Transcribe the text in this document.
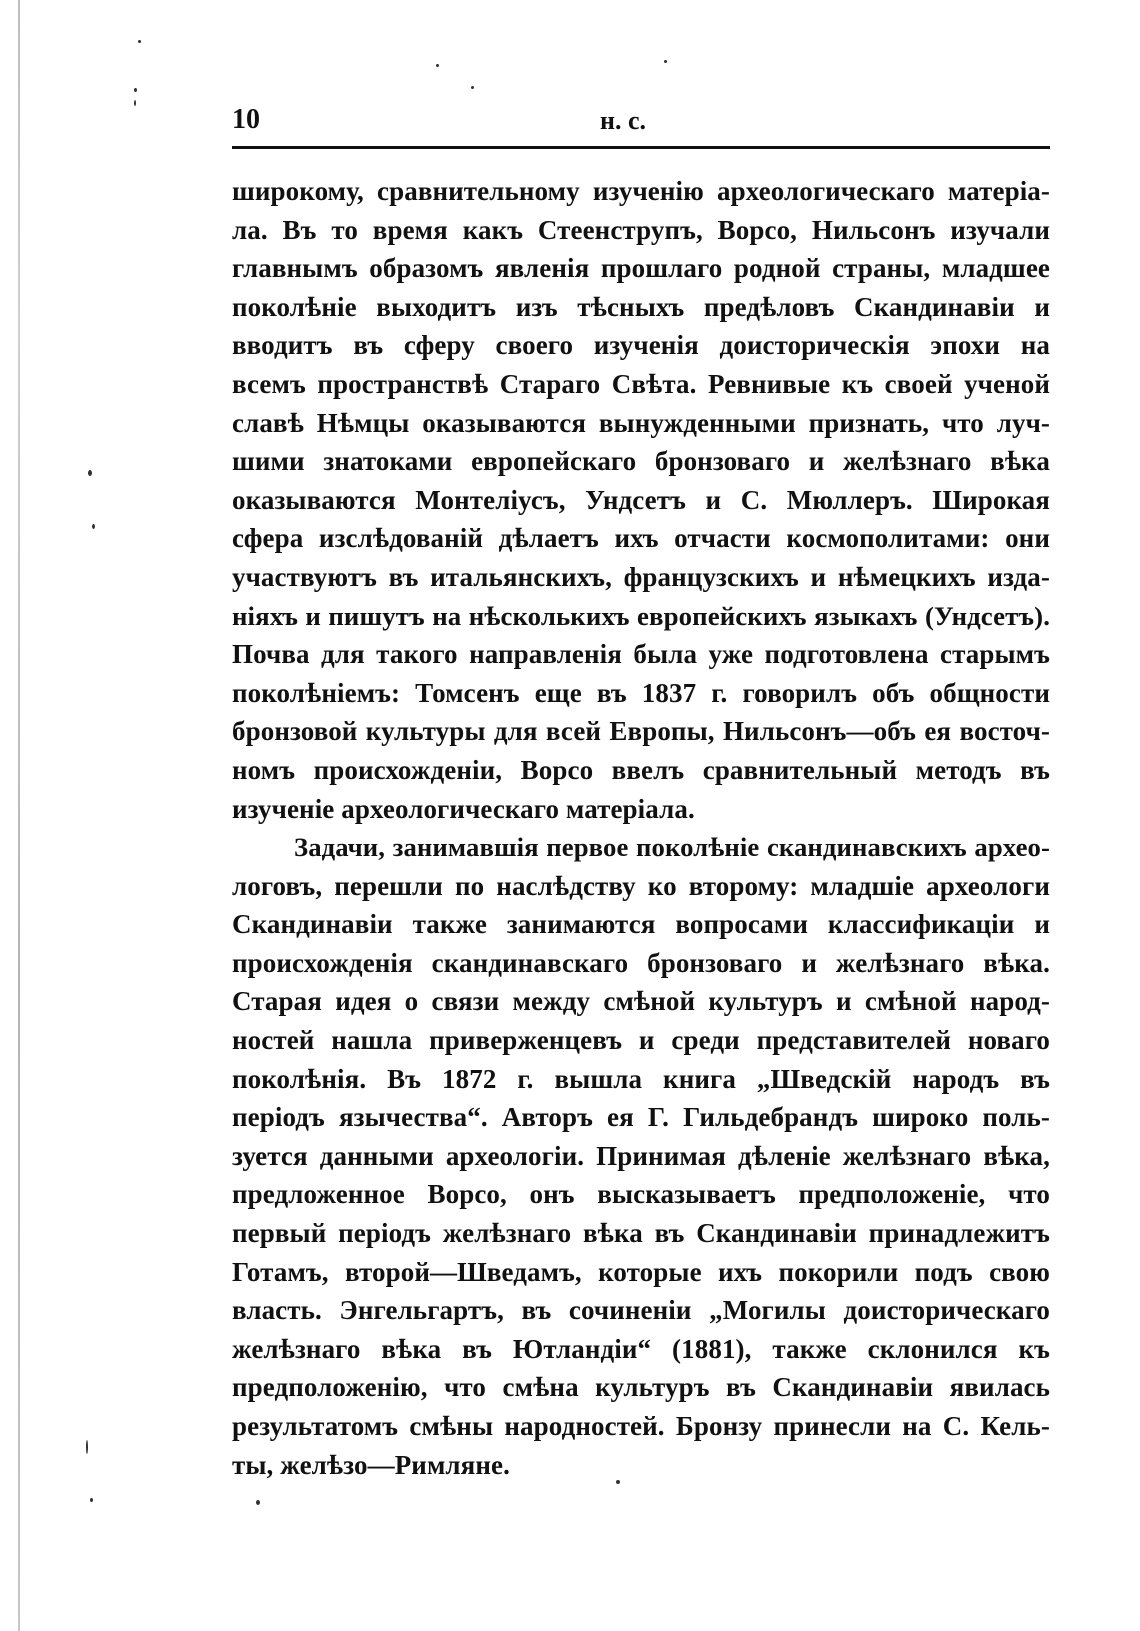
10	н. с.
широкому, сравнительному изученію археологическаго матеріа-
ла. Въ то время какъ Стеенструпъ, Ворсо, Нильсонъ изучали
главнымъ образомъ явленія прошлаго родной страны, младшее
поколѣніе выходитъ изъ тѣсныхъ предѣловъ Скандинавіи и
вводитъ въ сферу своего изученія доисторическія эпохи на
всемъ пространствѣ Стараго Свѣта. Ревнивые къ своей ученой
славѣ Нѣмцы оказываются вынужденными признать, что луч-
шими знатоками европейскаго бронзоваго и желѣзнаго вѣка
оказываются Монтеліусъ, Ундсетъ и С. Мюллеръ. Широкая
сфера изслѣдованій дѣлаетъ ихъ отчасти космополитами: они
участвуютъ въ итальянскихъ, французскихъ и нѣмецкихъ изда-
ніяхъ и пишутъ на нѣсколькихъ европейскихъ языкахъ (Ундсетъ).
Почва для такого направленія была уже подготовлена старымъ
поколѣніемъ: Томсенъ еще въ 1837 г. говорилъ объ общности
бронзовой культуры для всей Европы, Нильсонъ—объ ея восточ-
номъ происхожденіи, Ворсо ввелъ сравнительный методъ въ
изученіе археологическаго матеріала.
Задачи, занимавшія первое поколѣніе скандинавскихъ архео-
логовъ, перешли по наслѣдству ко второму: младшіе археологи
Скандинавіи также занимаются вопросами классификаціи и
происхожденія скандинавскаго бронзоваго и желѣзнаго вѣка.
Старая идея о связи между смѣной культуръ и смѣной народ-
ностей нашла приверженцевъ и среди представителей новаго
поколѣнія. Въ 1872 г. вышла книга „Шведскій народъ въ
періодъ язычества“. Авторъ ея Г. Гильдебрандъ широко поль-
зуется данными археологіи. Принимая дѣленіе желѣзнаго вѣка,
предложенное Ворсо, онъ высказываетъ предположеніе, что
первый періодъ желѣзнаго вѣка въ Скандинавіи принадлежитъ
Готамъ, второй—Шведамъ, которые ихъ покорили подъ свою
власть. Энгельгартъ, въ сочиненіи „Могилы доисторическаго
желѣзнаго вѣка въ Ютландіи“ (1881), также склонился къ
предположенію, что смѣна культуръ въ Скандинавіи явилась
результатомъ смѣны народностей. Бронзу принесли на С. Кель-
ты, желѣзо—Римляне.
